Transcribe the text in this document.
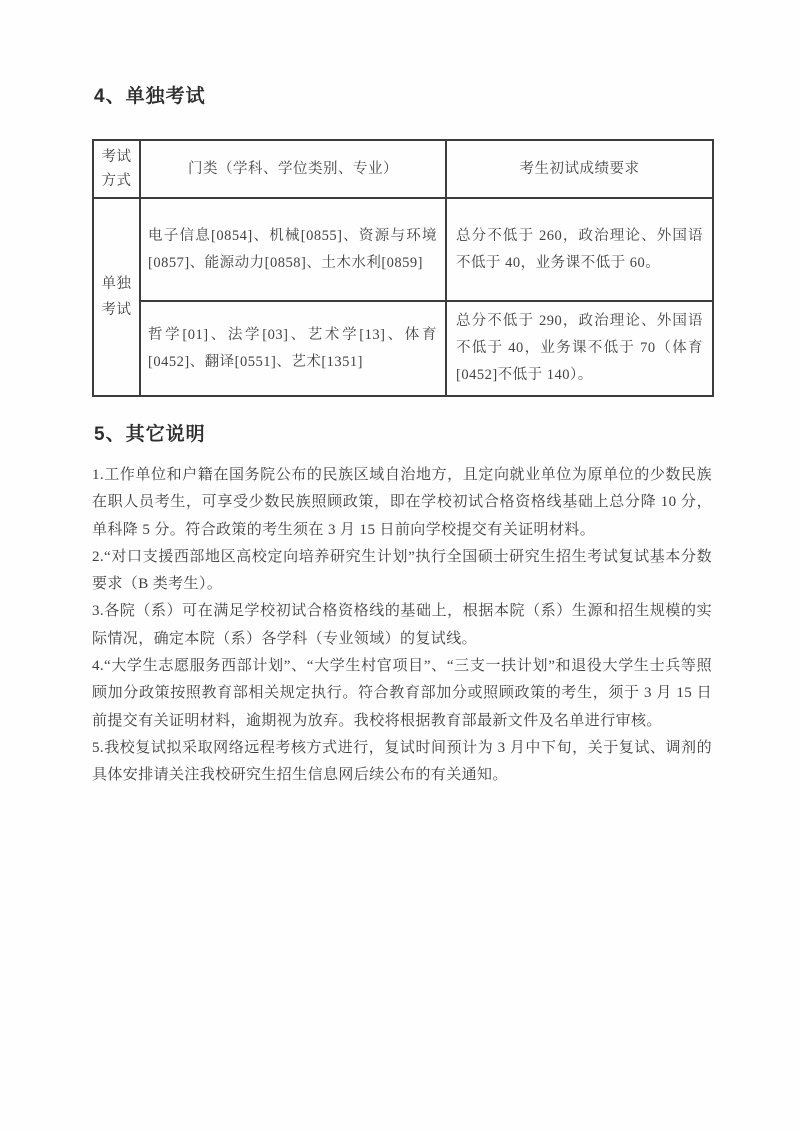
4、单独考试
考试方式	门类（学科、学位类别、专业）	考生初试成绩要求
单独考试	电子信息[0854]、机械[0855]、资源与环境[0857]、能源动力[0858]、土木水利[0859]	总分不低于 260，政治理论、外国语不低于 40，业务课不低于 60。
	哲学[01]、法学[03]、艺术学[13]、体育[0452]、翻译[0551]、艺术[1351]	总分不低于 290，政治理论、外国语不低于 40，业务课不低于 70（体育[0452]不低于 140）。
5、其它说明

1.工作单位和户籍在国务院公布的民族区域自治地方，且定向就业单位为原单位的少数民族在职人员考生，可享受少数民族照顾政策，即在学校初试合格资格线基础上总分降 10 分，单科降 5 分。符合政策的考生须在 3 月 15 日前向学校提交有关证明材料。

2.“对口支援西部地区高校定向培养研究生计划”执行全国硕士研究生招生考试复试基本分数要求（B 类考生）。

3.各院（系）可在满足学校初试合格资格线的基础上，根据本院（系）生源和招生规模的实际情况，确定本院（系）各学科（专业领域）的复试线。

4.“大学生志愿服务西部计划”、“大学生村官项目”、“三支一扶计划”和退役大学生士兵等照顾加分政策按照教育部相关规定执行。符合教育部加分或照顾政策的考生，须于 3 月 15 日前提交有关证明材料，逾期视为放弃。我校将根据教育部最新文件及名单进行审核。

5.我校复试拟采取网络远程考核方式进行，复试时间预计为 3 月中下旬，关于复试、调剂的具体安排请关注我校研究生招生信息网后续公布的有关通知。
